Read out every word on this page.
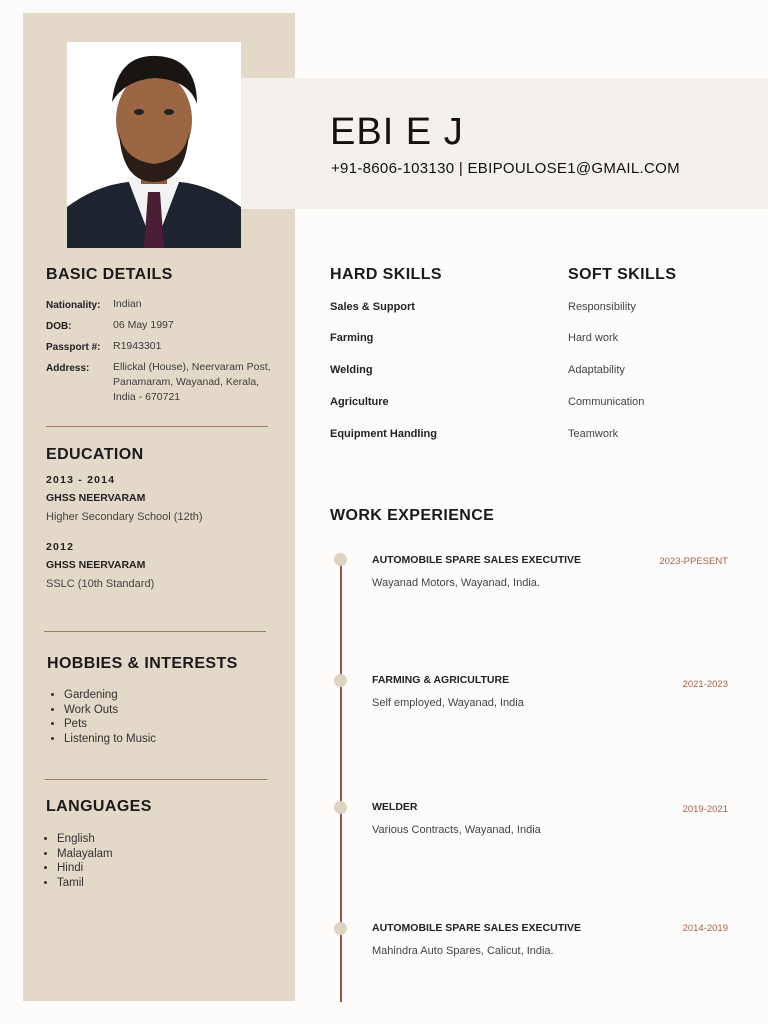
EBI E J
+91-8606-103130 | EBIPOULOSE1@GMAIL.COM
BASIC DETAILS
Nationality: Indian
DOB:	06 May 1997
Passport #: R1943301
Address: Ellickal (House), Neervaram Post, Panamaram, Wayanad, Kerala, India - 670721
EDUCATION
2013 - 2014
GHSS NEERVARAM
Higher Secondary School (12th)
2012
GHSS NEERVARAM
SSLC (10th Standard)
HOBBIES & INTERESTS
• Gardening
• Work Outs
• Pets
• Listening to Music
LANGUAGES
• English
• Malayalam
• Hindi
• Tamil
HARD SKILLS
Sales & Support
Farming
Welding
Agriculture
Equipment Handling
SOFT SKILLS
Responsibility
Hard work
Adaptability
Communication
Teamwork
WORK EXPERIENCE
AUTOMOBILE SPARE SALES EXECUTIVE	2023-PPESENT
Wayanad Motors, Wayanad, India.
FARMING & AGRICULTURE	2021-2023
Self employed, Wayanad, India
WELDER	2019-2021
Various Contracts, Wayanad, India
AUTOMOBILE SPARE SALES EXECUTIVE	2014-2019
Mahindra Auto Spares, Calicut, India.
